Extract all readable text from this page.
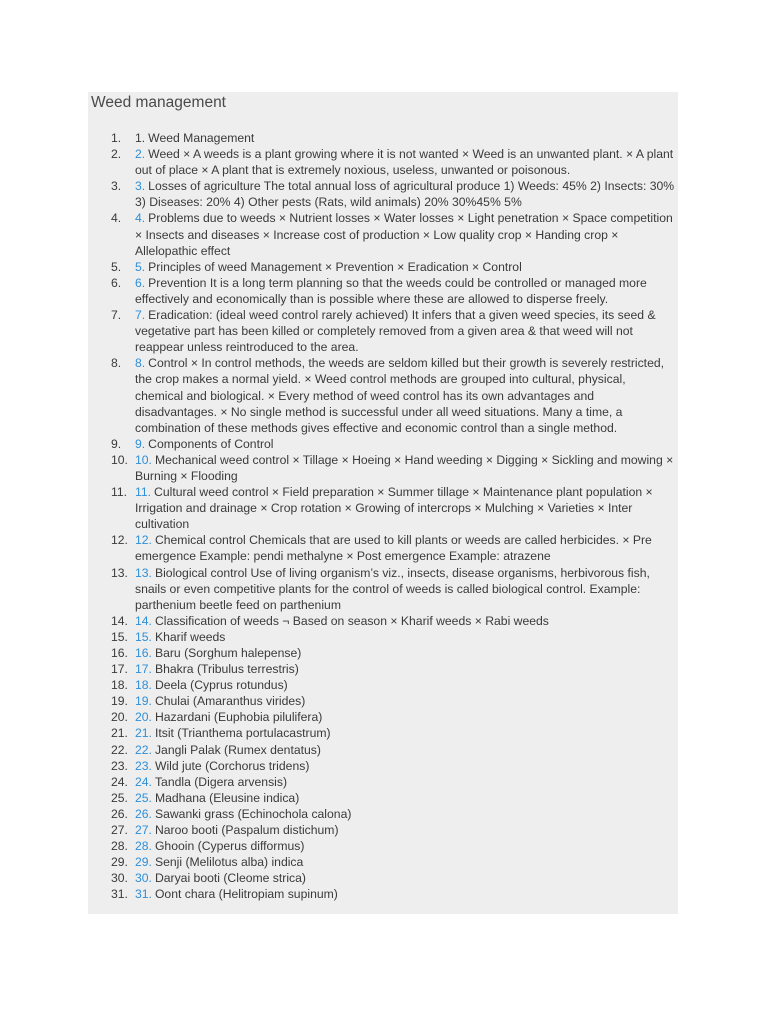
Weed management
1.	1. Weed Management
2.	2. Weed × A weeds is a plant growing where it is not wanted × Weed is an unwanted plant. × A plant out of place × A plant that is extremely noxious, useless, unwanted or poisonous.
3.	3. Losses of agriculture The total annual loss of agricultural produce 1) Weeds: 45% 2) Insects: 30% 3) Diseases: 20% 4) Other pests (Rats, wild animals) 20% 30%45% 5%
4.	4. Problems due to weeds × Nutrient losses × Water losses × Light penetration × Space competition × Insects and diseases × Increase cost of production × Low quality crop × Handing crop × Allelopathic effect
5.	5. Principles of weed Management × Prevention × Eradication × Control
6.	6. Prevention It is a long term planning so that the weeds could be controlled or managed more effectively and economically than is possible where these are allowed to disperse freely.
7.	7. Eradication: (ideal weed control rarely achieved) It infers that a given weed species, its seed & vegetative part has been killed or completely removed from a given area & that weed will not reappear unless reintroduced to the area.
8.	8. Control × In control methods, the weeds are seldom killed but their growth is severely restricted, the crop makes a normal yield. × Weed control methods are grouped into cultural, physical, chemical and biological. × Every method of weed control has its own advantages and disadvantages. × No single method is successful under all weed situations. Many a time, a combination of these methods gives effective and economic control than a single method.
9.	9. Components of Control
10. 10. Mechanical weed control × Tillage × Hoeing × Hand weeding × Digging × Sickling and mowing × Burning × Flooding
11. 11. Cultural weed control × Field preparation × Summer tillage × Maintenance plant population × Irrigation and drainage × Crop rotation × Growing of intercrops × Mulching × Varieties × Inter cultivation
12. 12. Chemical control Chemicals that are used to kill plants or weeds are called herbicides. × Pre emergence Example: pendi methalyne × Post emergence Example: atrazene
13. 13. Biological control Use of living organism’s viz., insects, disease organisms, herbivorous fish, snails or even competitive plants for the control of weeds is called biological control. Example: parthenium beetle feed on parthenium
14. 14. Classification of weeds ¬ Based on season × Kharif weeds × Rabi weeds
15. 15. Kharif weeds
16. 16. Baru (Sorghum halepense)
17. 17. Bhakra (Tribulus terrestris)
18. 18. Deela (Cyprus rotundus)
19. 19. Chulai (Amaranthus virides)
20. 20. Hazardani (Euphobia pilulifera)
21. 21. Itsit (Trianthema portulacastrum)
22. 22. Jangli Palak (Rumex dentatus)
23. 23. Wild jute (Corchorus tridens)
24. 24. Tandla (Digera arvensis)
25. 25. Madhana (Eleusine indica)
26. 26. Sawanki grass (Echinochola calona)
27. 27. Naroo booti (Paspalum distichum)
28. 28. Ghooin (Cyperus difformus)
29. 29. Senji (Melilotus alba) indica
30. 30. Daryai booti (Cleome strica)
31. 31. Oont chara (Helitropiam supinum)
